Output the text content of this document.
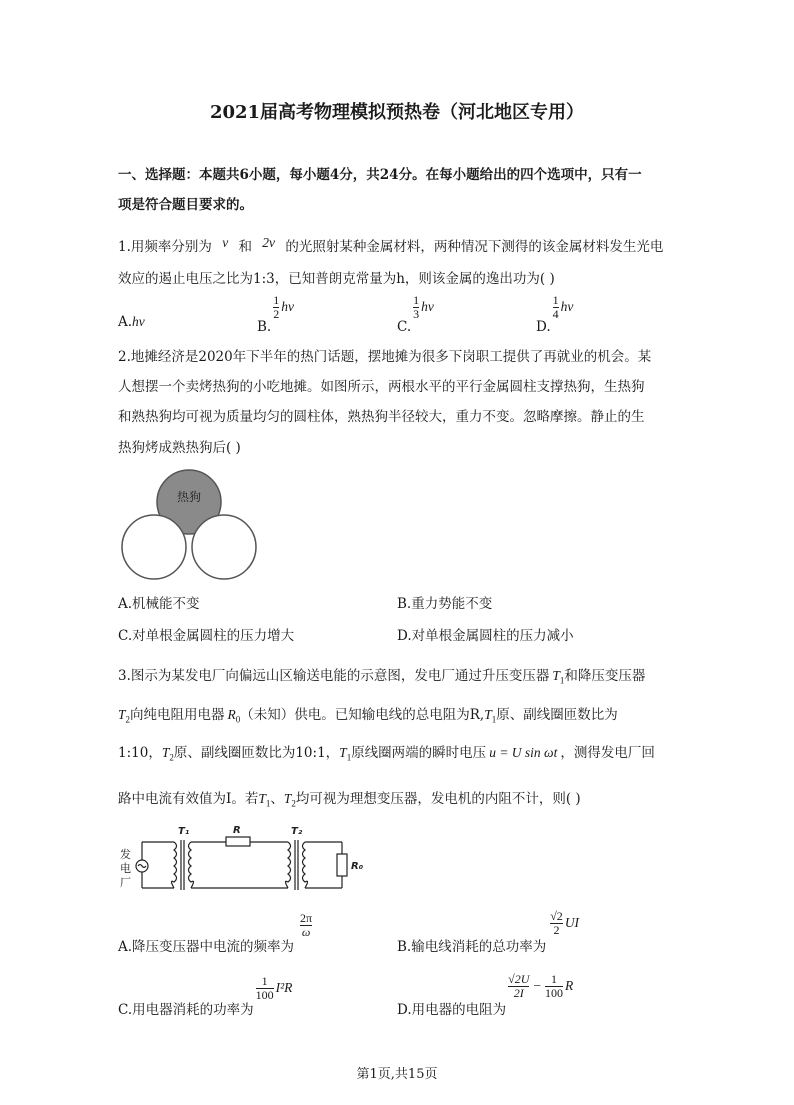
2021届高考物理模拟预热卷（河北地区专用）
一、选择题：本题共6小题，每小题4分，共24分。在每小题给出的四个选项中，只有一
项是符合题目要求的。
1.用频率分别为 ν 和 2ν 的光照射某种金属材料，两种情况下测得的该金属材料发生光电
效应的遏止电压之比为1:3，已知普朗克常量为h，则该金属的逸出功为( )
A.hν	B.
$\frac{1}{2}$ hν
C.
$\frac{1}{3}$ hν
D.
$\frac{1}{4}$ hν
2.地摊经济是2020年下半年的热门话题，摆地摊为很多下岗职工提供了再就业的机会。某
人想摆一个卖烤热狗的小吃地摊。如图所示，两根水平的平行金属圆柱支撑热狗，生热狗
和熟热狗均可视为质量均匀的圆柱体，熟热狗半径较大，重力不变。忽略摩擦。静止的生
热狗烤成熟热狗后( )
热狗
A.机械能不变	B.重力势能不变
C.对单根金属圆柱的压力增大	D.对单根金属圆柱的压力减小
3.图示为某发电厂向偏远山区输送电能的示意图，发电厂通过升压变压器 $T_1$和降压变压器
$T_2$向纯电阻用电器 $R_0$（未知）供电。已知输电线的总电阻为$R,T_1$原、副线圈匝数比为
1:10，$T_2$原、副线圈匝数比为10:1，$T_1$原线圈两端的瞬时电压 u = U sin ωt ，测得发电厂回
路中电流有效值为I。若$T_1$、$T_2$均可视为理想变压器，发电机的内阻不计，则( )
发
电
厂
T₁	R	T₂
R₀
A.降压变压器中电流的频率为
$\frac{2\pi}{\omega}$
B.输电线消耗的总功率为
$\frac{√2}{2}$ UI
C.用电器消耗的功率为
$\frac{1}{100} I^2R$
D.用电器的电阻为
$\frac{√2U}{2I} - \frac{1}{100}$ R
第1页,共15页
